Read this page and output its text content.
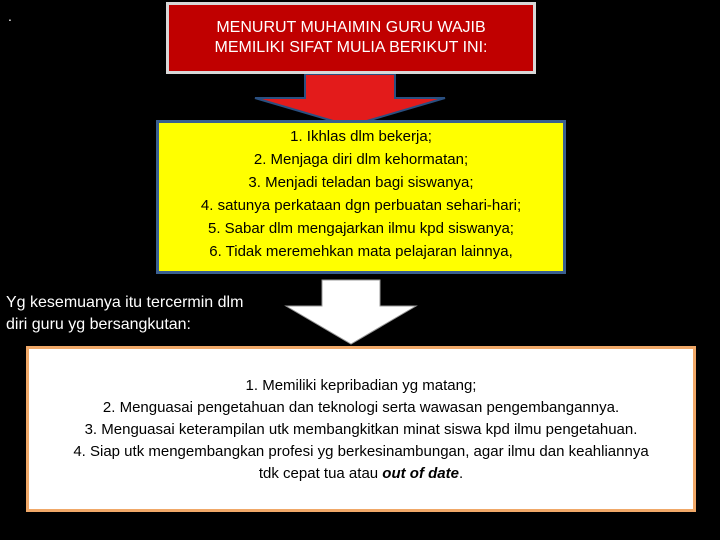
.
MENURUT MUHAIMIN GURU WAJIB
MEMILIKI SIFAT MULIA BERIKUT INI:
1. Ikhlas dlm bekerja;
2. Menjaga diri dlm kehormatan;
3. Menjadi teladan bagi siswanya;
4. satunya perkataan dgn perbuatan sehari-hari;
5. Sabar dlm mengajarkan ilmu kpd siswanya;
6. Tidak meremehkan mata pelajaran lainnya,
Yg kesemuanya itu tercermin dlm
diri guru yg bersangkutan:
1. Memiliki kepribadian yg matang;
2. Menguasai pengetahuan dan teknologi serta wawasan pengembangannya.
3. Menguasai keterampilan utk membangkitkan minat siswa kpd ilmu pengetahuan.
4. Siap utk mengembangkan profesi yg berkesinambungan, agar ilmu dan keahliannya
tdk cepat tua atau out of date.
